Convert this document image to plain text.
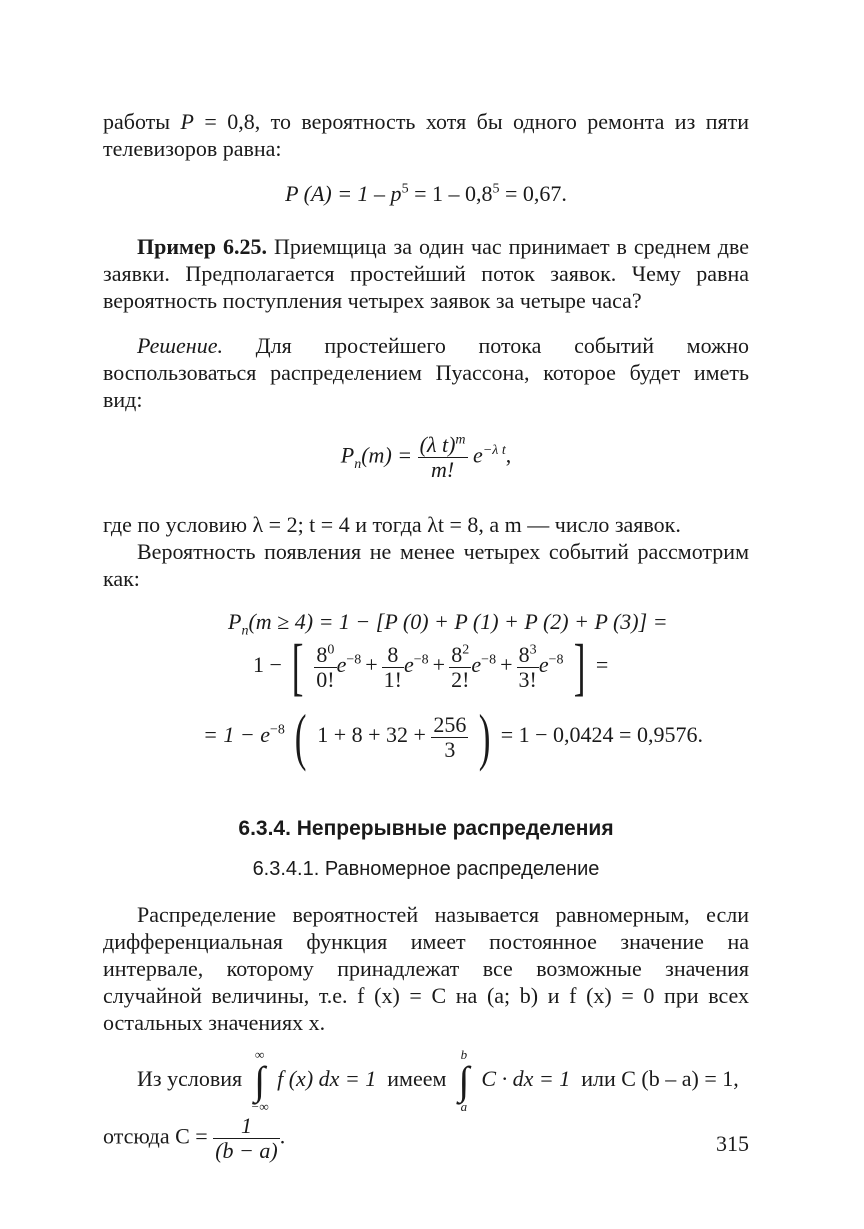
работы P = 0,8, то вероятность хотя бы одного ремонта из пяти телевизоров равна:

P $(A) = 1 - p^5 = 1 - 0,8^5 = 0,67$.

Пример 6.25. Приемщица за один час принимает в среднем две заявки. Предполагается простейший поток заявок. Чему равна вероятность поступления четырех заявок за четыре часа?

Решение. Для простейшего потока событий можно воспользоваться распределением Пуассона, которое будет иметь вид:

$P_n(m) = \frac{(\lambda t)^m}{m!} e^{-\lambda t}$,

где по условию λ = 2; t = 4 и тогда λt = 8, а m — число заявок.

Вероятность появления не менее четырех событий рассмотрим как:

$P_n(m \ge 4) = 1 - [P$ (0) + P (1) + P (2) + P (3)] =
1 − [ $\frac{8^0}{0!} e^{-8} + \frac{8}{1!} e^{-8} + \frac{8^2}{2!} e^{-8} + \frac{8^3}{3!} e^{-8}$ ] =
= $1 - e^{-8}$ ( $1 + 8 + 32 + \frac{256}{3}$ ) = 1 − 0,0424 = 0,9576.
6.3.4. Непрерывные распределения
6.3.4.1. Равномерное распределение

Распределение вероятностей называется равномерным, если дифференциальная функция имеет постоянное значение на интервале, которому принадлежат все возможные значения случайной величины, т.е. f (x) = C на (a; b) и f (x) = 0 при всех остальных значениях x.

Из условия
∞
∫
−∞
f (x) dx = 1 имеем
b
∫
a
C · dx = 1 или C (b – a) = 1,
отсюда $C = \frac{1}{(b - a)}$ .	315
